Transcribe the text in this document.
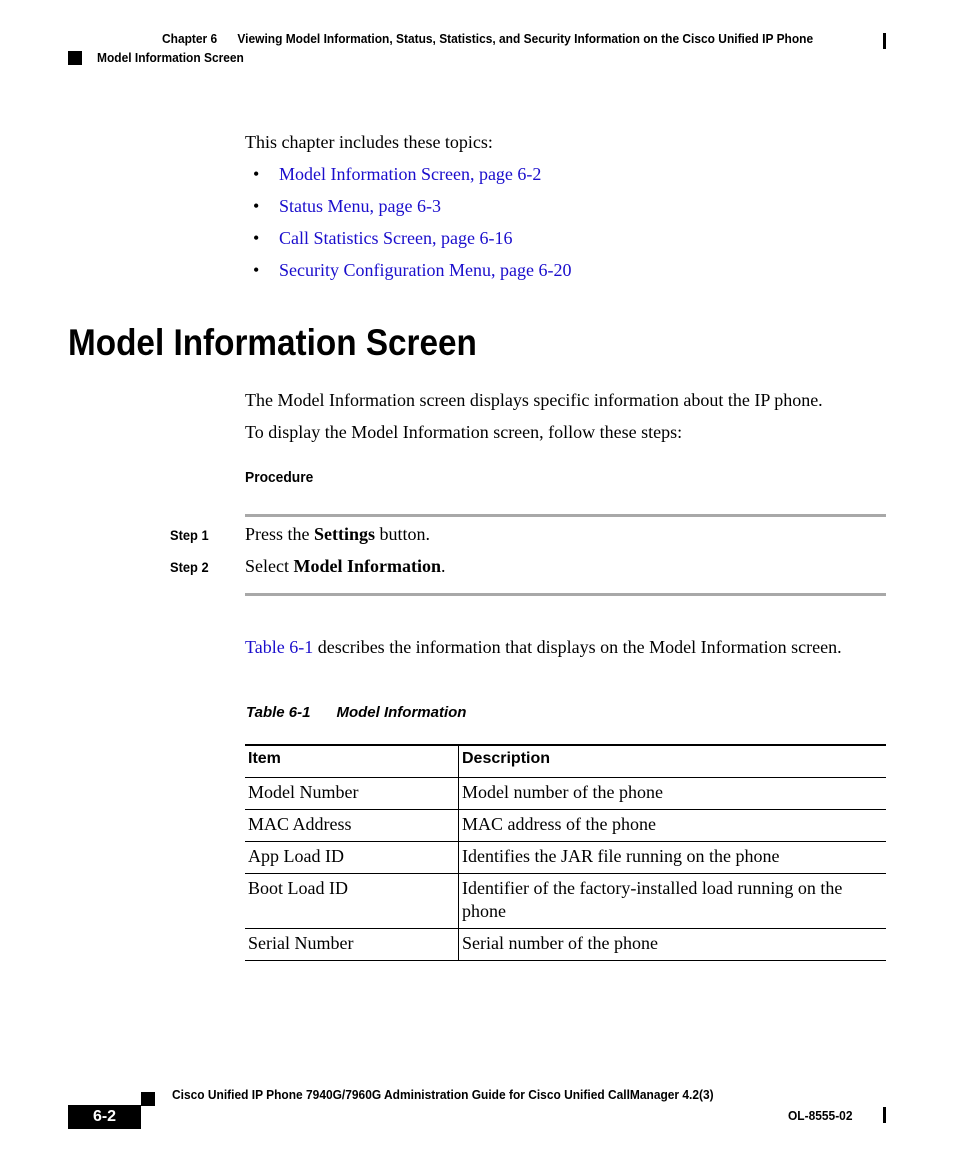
Chapter 6 Viewing Model Information, Status, Statistics, and Security Information on the Cisco Unified IP Phone
Model Information Screen
This chapter includes these topics:
•	Model Information Screen, page 6-2
•	Status Menu, page 6-3
•	Call Statistics Screen, page 6-16
•	Security Configuration Menu, page 6-20
Model Information Screen
The Model Information screen displays specific information about the IP phone.
To display the Model Information screen, follow these steps:
Procedure
Step 1 Press the Settings button.
Step 2 Select Model Information.
Table 6-1 describes the information that displays on the Model Information screen.
Table 6-1 Model Information
Item	Description
Model Number	Model number of the phone
MAC Address	MAC address of the phone
App Load ID	Identifies the JAR file running on the phone
Boot Load ID	Identifier of the factory-installed load running on the phone
Serial Number	Serial number of the phone
Cisco Unified IP Phone 7940G/7960G Administration Guide for Cisco Unified CallManager 4.2(3)
6-2	OL-8555-02
